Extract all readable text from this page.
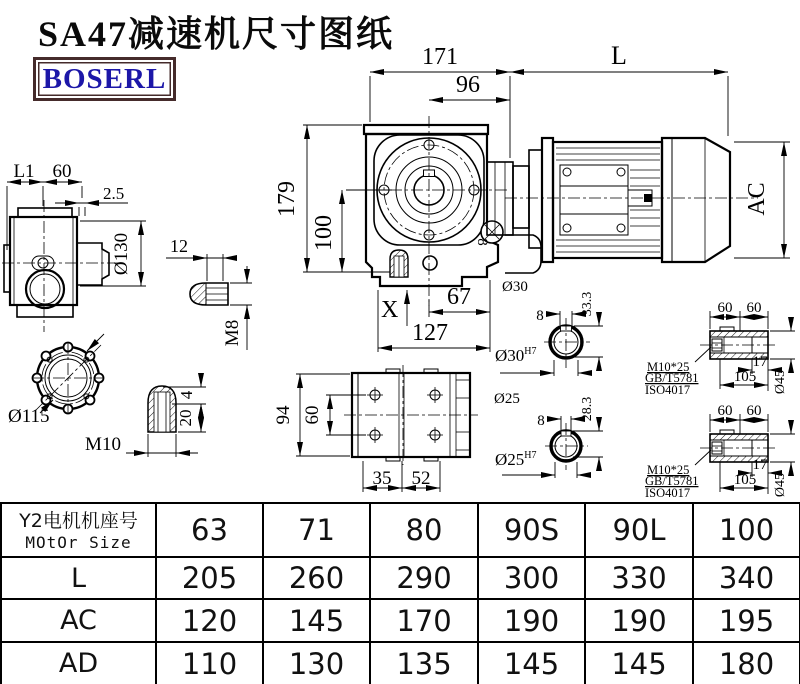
SA47减速机尺寸图纸
BOSERL
8
171
96
L
179
100
AC
Ø30
X 67
127
L1 60
2.5
Ø130 12
M8
Ø115
M10
4
20	94 60
35 52
8	33.3
$Ø30^{H7}$
Ø25
8	28.3
$Ø25^{H7}$
M10*25
GB/T5781
ISO4017
60 60
17
105 Ø45
M10*25
GB/T5781
ISO4017
60 60
17
105 Ø45
Y2电机机座号
MOtOr Size	63	71	80	90S	90L	100
L	205	260	290	300	330	340
AC	120	145	170	190	190	195
AD	110	130	135	145	145	180
